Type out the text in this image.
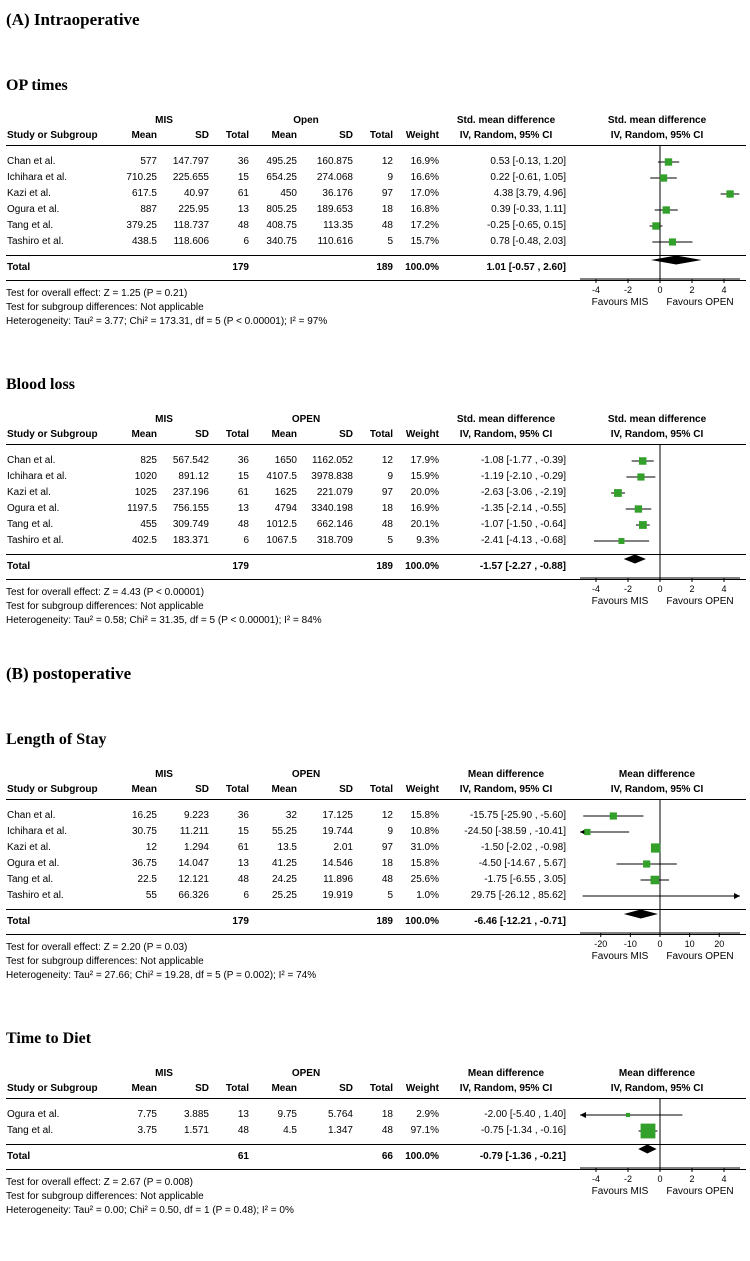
(A) Intraoperative
OP times
MIS	Open	Std. mean difference	Std. mean difference
Study or Subgroup	Mean	SD	Total	Mean	SD	Total	Weight	IV, Random, 95% CI	IV, Random, 95% CI
Chan et al.	577	147.797	36	495.25	160.875	12	16.9%	0.53 [-0.13, 1.20]
Ichihara et al.	710.25	225.655	15	654.25	274.068	9	16.6%	0.22 [-0.61, 1.05]
Kazi et al.	617.5	40.97	61	450	36.176	97	17.0%	4.38 [3.79, 4.96]
Ogura et al.	887	225.95	13	805.25	189.653	18	16.8%	0.39 [-0.33, 1.11]
Tang et al.	379.25	118.737	48	408.75	113.35	48	17.2%	-0.25 [-0.65, 0.15]
Tashiro et al.	438.5	118.606	6	340.75	110.616	5	15.7%	0.78 [-0.48, 2.03]
Total	179	189	100.0%	1.01 [-0.57 , 2.60]
Test for overall effect: Z = 1.25 (P = 0.21)
Test for subgroup differences: Not applicable
Heterogeneity: Tau² = 3.77; Chi² = 173.31, df = 5 (P < 0.00001); I² = 97%
-4	-2	0	2	4
Favours MIS Favours OPEN
Blood loss
MIS	OPEN	Std. mean difference	Std. mean difference
Study or Subgroup	Mean	SD	Total	Mean	SD	Total	Weight	IV, Random, 95% CI	IV, Random, 95% CI
Chan et al.	825	567.542	36	1650	1162.052	12	17.9%	-1.08 [-1.77 , -0.39]
Ichihara et al.	1020	891.12	15	4107.5	3978.838	9	15.9%	-1.19 [-2.10 , -0.29]
Kazi et al.	1025	237.196	61	1625	221.079	97	20.0%	-2.63 [-3.06 , -2.19]
Ogura et al.	1197.5	756.155	13	4794	3340.198	18	16.9%	-1.35 [-2.14 , -0.55]
Tang et al.	455	309.749	48	1012.5	662.146	48	20.1%	-1.07 [-1.50 , -0.64]
Tashiro et al.	402.5	183.371	6	1067.5	318.709	5	9.3%	-2.41 [-4.13 , -0.68]
Total	179	189	100.0%	-1.57 [-2.27 , -0.88]
Test for overall effect: Z = 4.43 (P < 0.00001)
Test for subgroup differences: Not applicable
Heterogeneity: Tau² = 0.58; Chi² = 31.35, df = 5 (P < 0.00001); I² = 84%
-4	-2	0	2	4
Favours MIS Favours OPEN
(B) postoperative
Length of Stay
MIS	OPEN	Mean difference	Mean difference
Study or Subgroup	Mean	SD	Total	Mean	SD	Total	Weight	IV, Random, 95% CI	IV, Random, 95% CI
Chan et al.	16.25	9.223	36	32	17.125	12	15.8%	-15.75 [-25.90 , -5.60]
Ichihara et al.	30.75	11.211	15	55.25	19.744	9	10.8%	-24.50 [-38.59 , -10.41]
Kazi et al.	12	1.294	61	13.5	2.01	97	31.0%	-1.50 [-2.02 , -0.98]
Ogura et al.	36.75	14.047	13	41.25	14.546	18	15.8%	-4.50 [-14.67 , 5.67]
Tang et al.	22.5	12.121	48	24.25	11.896	48	25.6%	-1.75 [-6.55 , 3.05]
Tashiro et al.	55	66.326	6	25.25	19.919	5	1.0%	29.75 [-26.12 , 85.62]
Total	179	189	100.0%	-6.46 [-12.21 , -0.71]
Test for overall effect: Z = 2.20 (P = 0.03)
Test for subgroup differences: Not applicable
Heterogeneity: Tau² = 27.66; Chi² = 19.28, df = 5 (P = 0.002); I² = 74%
-20 -10 0 10 20
Favours MIS Favours OPEN
Time to Diet
MIS	OPEN	Mean difference	Mean difference
Study or Subgroup	Mean	SD	Total	Mean	SD	Total	Weight	IV, Random, 95% CI	IV, Random, 95% CI
Ogura et al.	7.75	3.885	13	9.75	5.764	18	2.9%	-2.00 [-5.40 , 1.40]
Tang et al.	3.75	1.571	48	4.5	1.347	48	97.1%	-0.75 [-1.34 , -0.16]
Total	61	66	100.0%	-0.79 [-1.36 , -0.21]
Test for overall effect: Z = 2.67 (P = 0.008)
Test for subgroup differences: Not applicable
Heterogeneity: Tau² = 0.00; Chi² = 0.50, df = 1 (P = 0.48); I² = 0%
-4	-2	0	2	4
Favours MIS Favours OPEN
